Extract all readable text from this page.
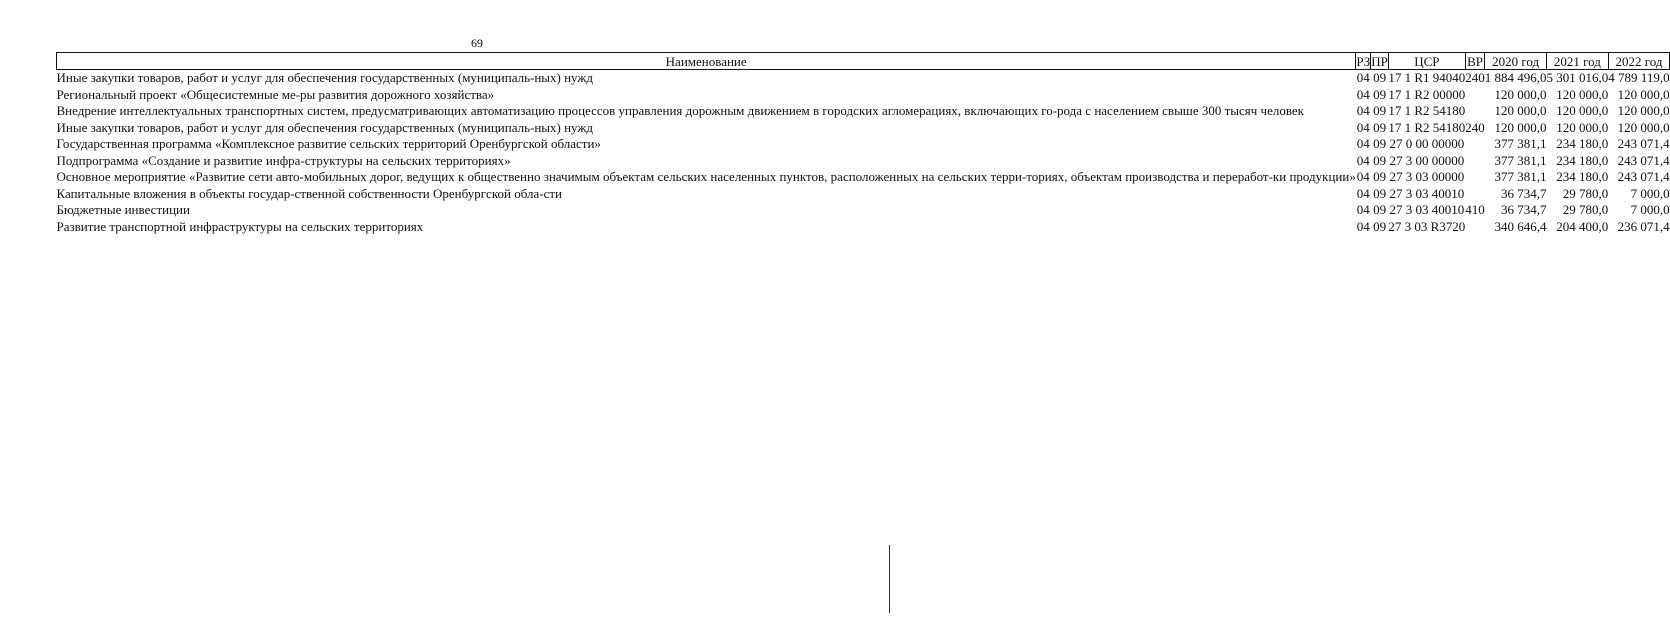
69
Наименование	РЗ	ПР	ЦСР	ВР	2020 год	2021 год	2022 год
Иные закупки товаров, работ и услуг для обеспечения государственных (муниципаль-ных) нужд	04	09	17 1 R1 94040	240	1 884 496,0	5 301 016,0	4 789 119,0
Региональный проект «Общесистемные ме-ры развития дорожного хозяйства»	04	09	17 1 R2 00000		120 000,0	120 000,0	120 000,0
Внедрение интеллектуальных транспортных систем, предусматривающих автоматизацию процессов управления дорожным движением в городских агломерациях, включающих го-рода с населением свыше 300 тысяч человек	04	09	17 1 R2 54180		120 000,0	120 000,0	120 000,0
Иные закупки товаров, работ и услуг для обеспечения государственных (муниципаль-ных) нужд	04	09	17 1 R2 54180	240	120 000,0	120 000,0	120 000,0
Государственная программа «Комплексное развитие сельских территорий Оренбургской области»	04	09	27 0 00 00000		377 381,1	234 180,0	243 071,4
Подпрограмма «Создание и развитие инфра-структуры на сельских территориях»	04	09	27 3 00 00000		377 381,1	234 180,0	243 071,4
Основное мероприятие «Развитие сети авто-мобильных дорог, ведущих к общественно значимым объектам сельских населенных пунктов, расположенных на сельских терри-ториях, объектам производства и переработ-ки продукции»	04	09	27 3 03 00000		377 381,1	234 180,0	243 071,4
Капитальные вложения в объекты государ-ственной собственности Оренбургской обла-сти	04	09	27 3 03 40010		36 734,7	29 780,0	7 000,0
Бюджетные инвестиции	04	09	27 3 03 40010	410	36 734,7	29 780,0	7 000,0
Развитие транспортной инфраструктуры на сельских территориях	04	09	27 3 03 R3720		340 646,4	204 400,0	236 071,4
